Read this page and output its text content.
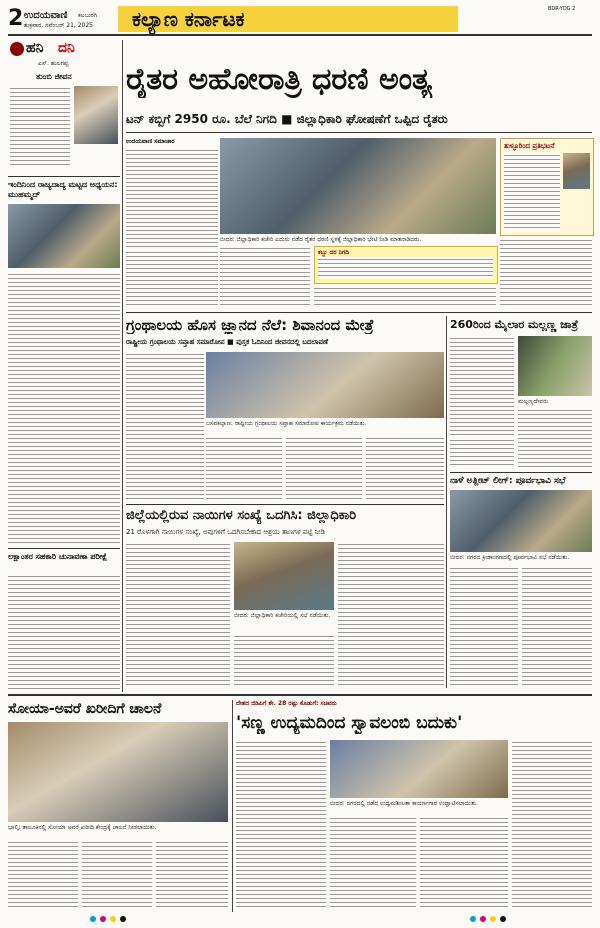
2 ಉದಯವಾಣಿ ಕಲಬುರಗಿ
ಶುಕ್ರವಾರ, ನವೆಂಬರ್ 21, 2025	ಕಲ್ಯಾಣ ಕರ್ನಾಟಕ	BDR-YDG 2
ಹನಿ ದನಿ
ಎಸ್. ಹುಲಗಪ್ಪ
ತುಂಬಿ ಜೀವನ
ಇಂದಿನಿಂದ ರಾಜ್ಯದಾದ್ಯ ಮಟ್ಟದ ಅಧ್ಯಯನ: ಮುಹಮ್ಮದ್
ಲಕ್ಷಾಂತರ ಸಹಕಾರಿ ಚುನಾವಣಾ ಪರೀಕ್ಷೆ
ರೈತರ ಅಹೋರಾತ್ರಿ ಧರಣಿ ಅಂತ್ಯ
ಟನ್ ಕಬ್ಬಿಗೆ 2950 ರೂ. ಬೆಲೆ ನಿಗದಿ ■ ಜಿಲ್ಲಾಧಿಕಾರಿ ಘೋಷಣೆಗೆ ಒಪ್ಪಿದ ರೈತರು
ಉದಯವಾಣಿ ಸಮಾಚಾರ
ಬೀದರ: ಜಿಲ್ಲಾಧಿಕಾರಿ ಕಚೇರಿ ಎದುರು ನಡೆದ ರೈತರ ಧರಣಿ ಸ್ಥಳಕ್ಕೆ ಜಿಲ್ಲಾಧಿಕಾರಿ ಭೇಟಿ ನೀಡಿ ಮಾತನಾಡಿದರು.
ತುಳ್ಳೂರಿಂದ ಪ್ರತಿಭಟನೆ
ಕಬ್ಬು ದರ ನಿಗದಿ
ಗ್ರಂಥಾಲಯ ಹೊಸ ಜ್ಞಾನದ ನೆಲೆ: ಶಿವಾನಂದ ಮೇತ್ರೆ
ರಾಷ್ಟ್ರೀಯ ಗ್ರಂಥಾಲಯ ಸಪ್ತಾಹ ಸಮಾರೋಪ ■ ಪುಸ್ತಕ ಓದಿನಿಂದ ಜೀವನದಲ್ಲಿ ಬದಲಾವಣೆ
ಬಸವಕಲ್ಯಾಣ: ರಾಷ್ಟ್ರೀಯ ಗ್ರಂಥಾಲಯ ಸಪ್ತಾಹ ಸಮಾರೋಪ ಕಾರ್ಯಕ್ರಮ ನಡೆಯಿತು.
ಜಿಲ್ಲೆಯಲ್ಲಿರುವ ನಾಯಿಗಳ ಸಂಖ್ಯೆ ಒದಗಿಸಿ: ಜಿಲ್ಲಾಧಿಕಾರಿ
21 ರೊಳಗಾಗಿ ನಾಯಿಗಳ ಸಂಖ್ಯೆ, ಅವುಗಳಿಗೆ ಒದಗಿಸಬೇಕಾದ ಆಶ್ರಯ ತಾಣಗಳ ಪಟ್ಟಿ ನೀಡಿ
ಬೀದರ: ಜಿಲ್ಲಾಧಿಕಾರಿ ಕಚೇರಿಯಲ್ಲಿ ಸಭೆ ನಡೆಯಿತು.
260ರಿಂದ ಮೈಲಾರ ಮಲ್ಲಣ್ಣ ಜಾತ್ರೆ
ಮಲ್ಲಣ್ಣದೇವರು
ನಾಳೆ ಅತ್ಲೀಟ್ ಲೀಗ್: ಪೂರ್ವಭಾವಿ ಸಭೆ
ಬೀದರ: ನಗರದ ಕ್ರೀಡಾಂಗಣದಲ್ಲಿ ಪೂರ್ವಭಾವಿ ಸಭೆ ನಡೆಯಿತು.
ಸೋಯಾ-ಅವರೆ ಖರೀದಿಗೆ ಚಾಲನೆ
ಭಾಲ್ಕಿ: ತಾಲೂಕಿನಲ್ಲಿ ಸೋಯಾ ಅವರೆ ಖರೀದಿ ಕೇಂದ್ರಕ್ಕೆ ಚಾಲನೆ ನೀಡಲಾಯಿತು.
ದೇಶದ ಜಿಡಿಪಿಗೆ ಶೇ. 28 ರಷ್ಟು ಕೊಡುಗೆ: ಸಚಿವರು
'ಸಣ್ಣ ಉದ್ಯಮದಿಂದ ಸ್ವಾವಲಂಬಿ ಬದುಕು'
ಬೀದರ: ನಗರದಲ್ಲಿ ನಡೆದ ಉದ್ಯಮಶೀಲತಾ ಕಾರ್ಯಾಗಾರ ಉದ್ಘಾಟಿಸಲಾಯಿತು.
